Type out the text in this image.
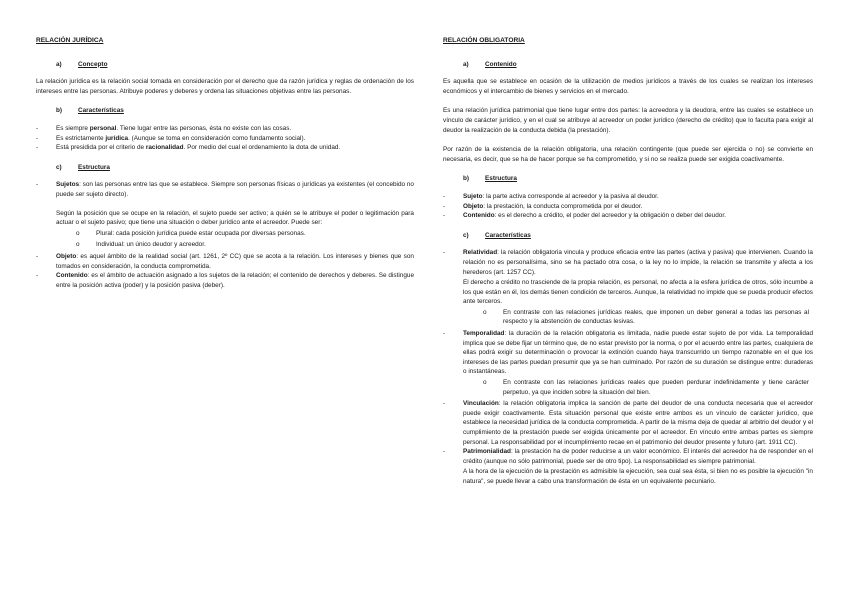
RELACIÓN JURÍDICA
a)	Concepto

La relación jurídica es la relación social tomada en consideración por el derecho que da razón jurídica y reglas de ordenación de los intereses entre las personas. Atribuye poderes y deberes y ordena las situaciones objetivas entre las personas.

b) Características
- Es siempre personal. Tiene lugar entre las personas, ésta no existe con las cosas.
- Es estrictamente jurídica. (Aunque se toma en consideración como fundamento social).
- Está presidida por el criterio de racionalidad. Por medio del cual el ordenamiento la dota de unidad.
c)	Estructura
- Sujetos: son las personas entre las que se establece. Siempre son personas físicas o jurídicas ya existentes (el concebido no puede ser sujeto directo).

Según la posición que se ocupe en la relación, el sujeto puede ser activo; a quién se le atribuye el poder o legitimación para actuar o el sujeto pasivo; que tiene una situación o deber jurídico ante el acreedor. Puede ser:

o Plural: cada posición jurídica puede estar ocupada por diversas personas.
o Individual: un único deudor y acreedor.
- Objeto: es aquel ámbito de la realidad social (art. 1261, 2º CC) que se acota a la relación. Los intereses y bienes que son tomados en consideración, la conducta comprometida.
- Contenido: es el ámbito de actuación asignado a los sujetos de la relación; el contenido de derechos y deberes. Se distingue entre la posición activa (poder) y la posición pasiva (deber).
RELACIÓN OBLIGATORIA
a)	Contenido

Es aquella que se establece en ocasión de la utilización de medios jurídicos a través de los cuales se realizan los intereses económicos y el intercambio de bienes y servicios en el mercado.

Es una relación jurídica patrimonial que tiene lugar entre dos partes: la acreedora y la deudora, entre las cuales se establece un vínculo de carácter jurídico, y en el cual se atribuye al acreedor un poder jurídico (derecho de crédito) que lo faculta para exigir al deudor la realización de la conducta debida (la prestación).

Por razón de la existencia de la relación obligatoria, una relación contingente (que puede ser ejercida o no) se convierte en necesaria, es decir, que se ha de hacer porque se ha comprometido, y si no se realiza puede ser exigida coactivamente.

b) Estructura
- Sujeto: la parte activa corresponde al acreedor y la pasiva al deudor.
- Objeto: la prestación, la conducta comprometida por el deudor.
- Contenido: es el derecho a crédito, el poder del acreedor y la obligación o deber del deudor.
c)	Características
- Relatividad: la relación obligatoria vincula y produce eficacia entre las partes (activa y pasiva) que intervienen. Cuando la relación no es personalísima, sino se ha pactado otra cosa, o la ley no lo impide, la relación se transmite y afecta a los herederos (art. 1257 CC).

El derecho a crédito no trasciende de la propia relación, es personal, no afecta a la esfera jurídica de otros, sólo incumbe a los que están en él, los demás tienen condición de terceros. Aunque, la relatividad no impide que se pueda producir efectos ante terceros.

o En contraste con las relaciones jurídicas reales, que imponen un deber general a todas las personas al respecto y la abstención de conductas lesivas.
- Temporalidad: la duración de la relación obligatoria es limitada, nadie puede estar sujeto de por vida. La temporalidad implica que se debe fijar un término que, de no estar previsto por la norma, o por el acuerdo entre las partes, cualquiera de ellas podrá exigir su determinación o provocar la extinción cuando haya transcurrido un tiempo razonable en el que los intereses de las partes puedan presumir que ya se han culminado. Por razón de su duración se distingue entre: duraderas o instantáneas.
o En contraste con las relaciones jurídicas reales que pueden perdurar indefinidamente y tiene carácter perpetuo, ya que inciden sobre la situación del bien.
- Vinculación: la relación obligatoria implica la sanción de parte del deudor de una conducta necesaria que el acreedor puede exigir coactivamente. Esta situación personal que existe entre ambos es un vínculo de carácter jurídico, que establece la necesidad jurídica de la conducta comprometida. A partir de la misma deja de quedar al arbitrio del deudor y el cumplimiento de la prestación puede ser exigida únicamente por el acreedor. En vínculo entre ambas partes es siempre personal. La responsabilidad por el incumplimiento recae en el patrimonio del deudor presente y futuro (art. 1911 CC).
- Patrimonialidad: la prestación ha de poder reducirse a un valor económico. El interés del acreedor ha de responder en el crédito (aunque no sólo patrimonial, puede ser de otro tipo). La responsabilidad es siempre patrimonial.

A la hora de la ejecución de la prestación es admisible la ejecución, sea cual sea ésta, si bien no es posible la ejecución "in natura", se puede llevar a cabo una transformación de ésta en un equivalente pecuniario.
